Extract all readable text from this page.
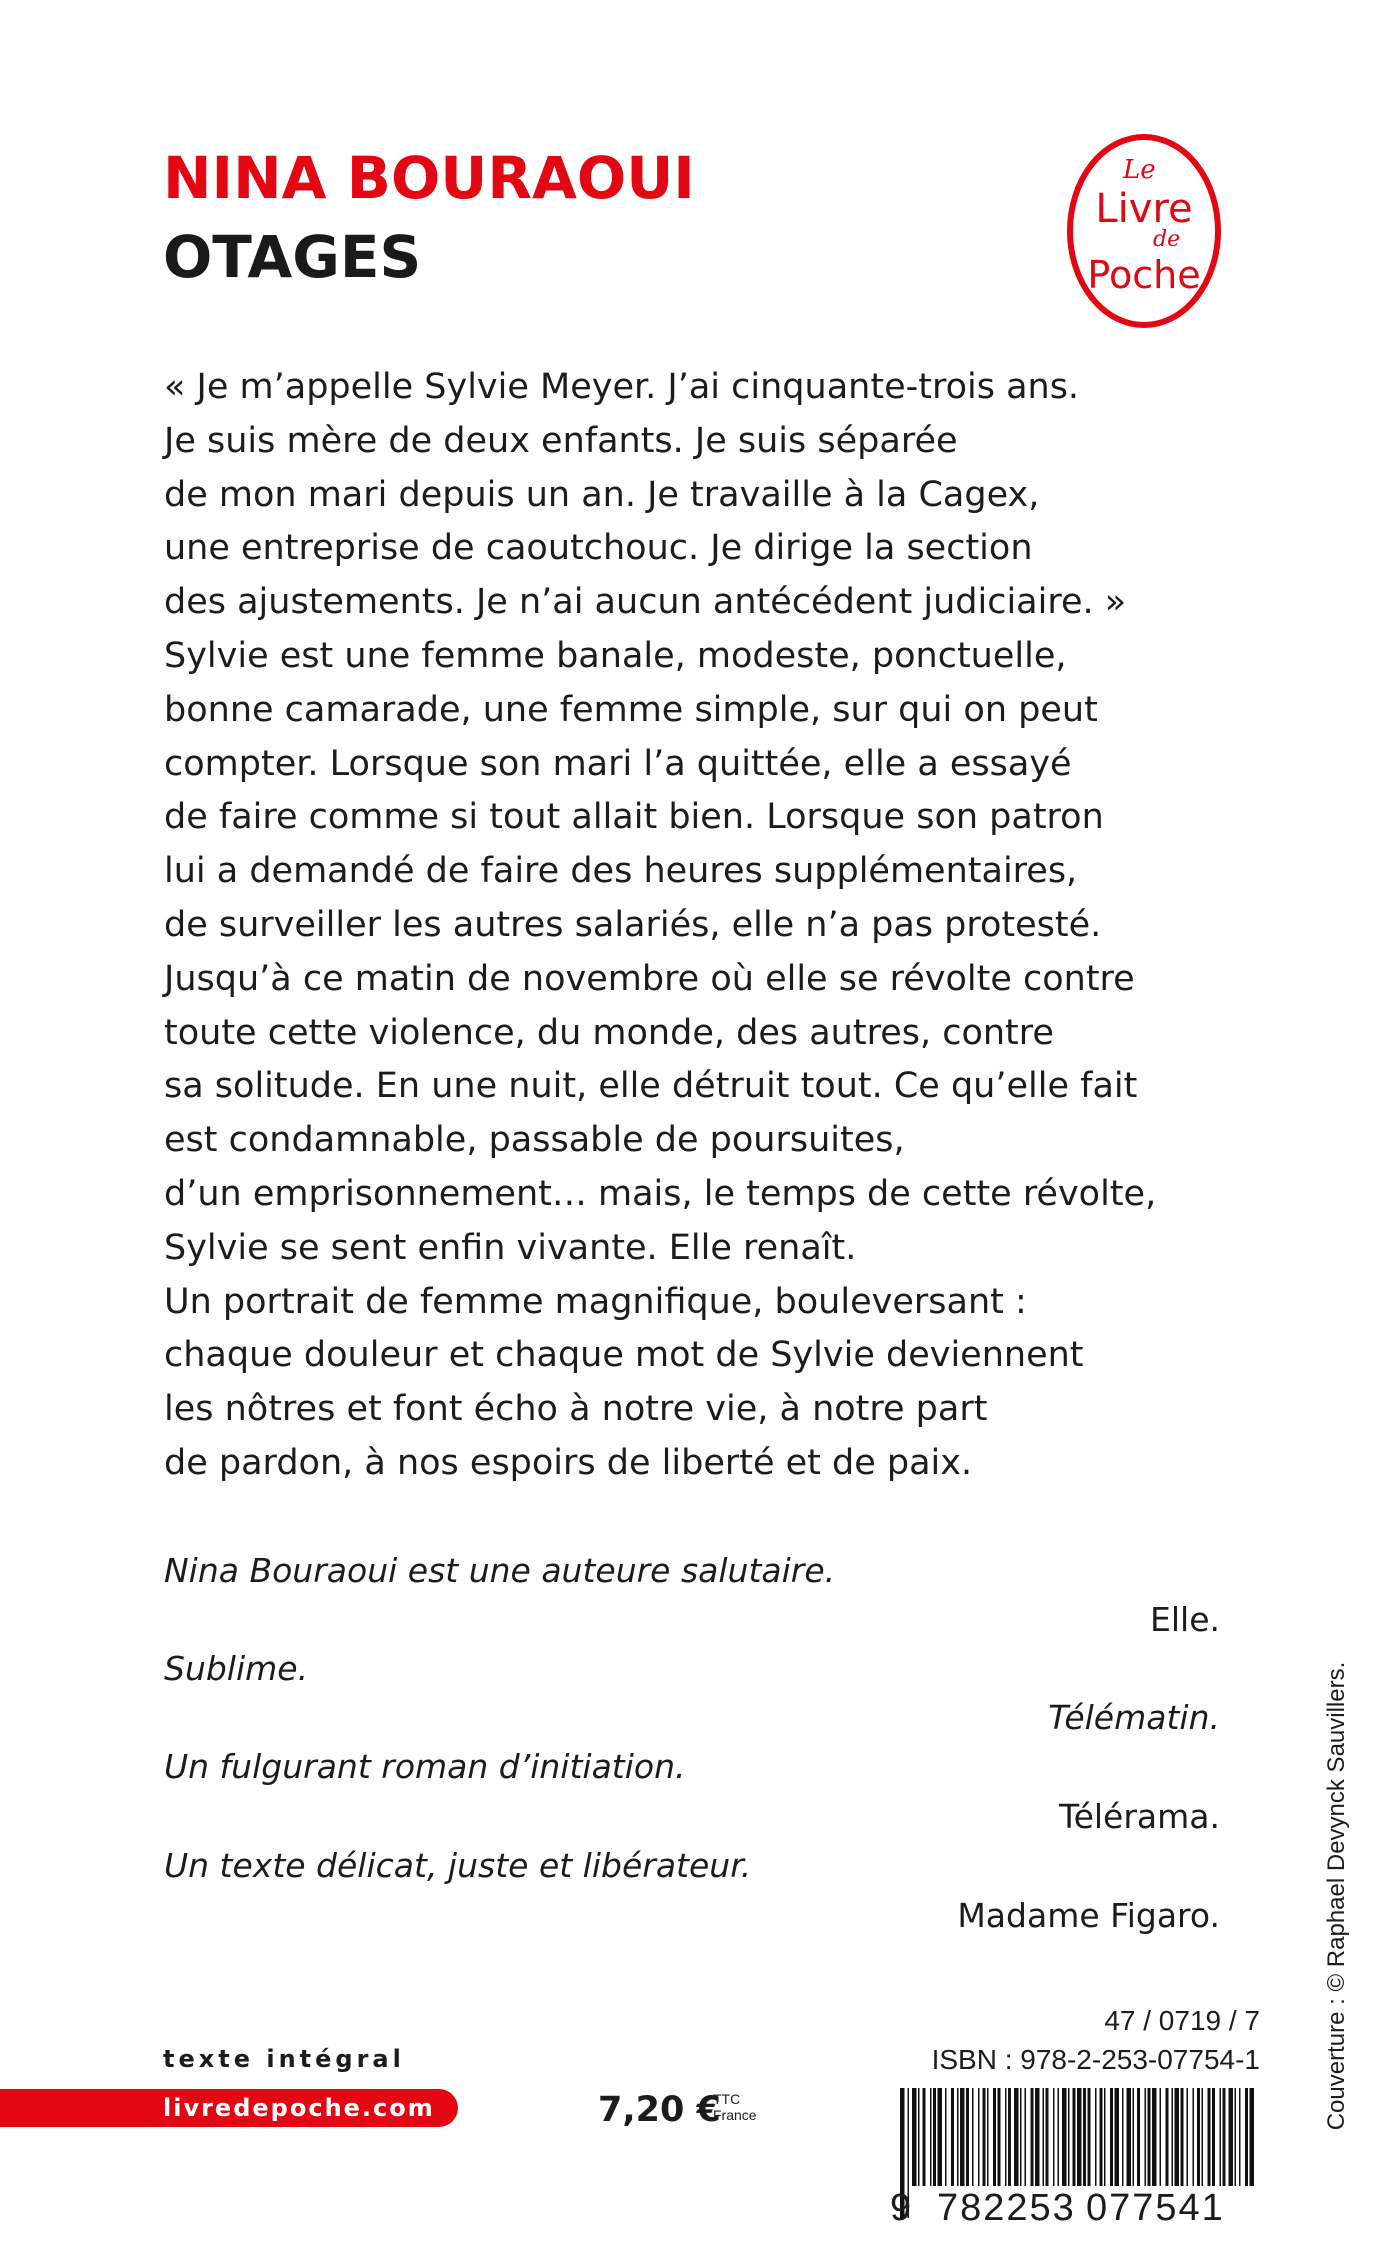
NINA BOURAOUI
OTAGES
Le
Livre
de
Poche
« Je m’appelle Sylvie Meyer. J’ai cinquante-trois ans.
Je suis mère de deux enfants. Je suis séparée
de mon mari depuis un an. Je travaille à la Cagex,
une entreprise de caoutchouc. Je dirige la section
des ajustements. Je n’ai aucun antécédent judiciaire. »
Sylvie est une femme banale, modeste, ponctuelle,
bonne camarade, une femme simple, sur qui on peut
compter. Lorsque son mari l’a quittée, elle a essayé
de faire comme si tout allait bien. Lorsque son patron
lui a demandé de faire des heures supplémentaires,
de surveiller les autres salariés, elle n’a pas protesté.
Jusqu’à ce matin de novembre où elle se révolte contre
toute cette violence, du monde, des autres, contre
sa solitude. En une nuit, elle détruit tout. Ce qu’elle fait
est condamnable, passable de poursuites,
d’un emprisonnement… mais, le temps de cette révolte,
Sylvie se sent enfin vivante. Elle renaît.
Un portrait de femme magnifique, bouleversant :
chaque douleur et chaque mot de Sylvie deviennent
les nôtres et font écho à notre vie, à notre part
de pardon, à nos espoirs de liberté et de paix.
Nina Bouraoui est une auteure salutaire.
Elle.
Sublime.
Télématin.
Un fulgurant roman d’initiation.
Télérama.
Un texte délicat, juste et libérateur.
Madame Figaro.	Couverture : © Raphael Devynck Sauvillers.
texte intégral
livredepoche.com	7,20 €
TTC
France
47 / 0719 / 7
ISBN : 978-2-253-07754-1
9 782253 077541
